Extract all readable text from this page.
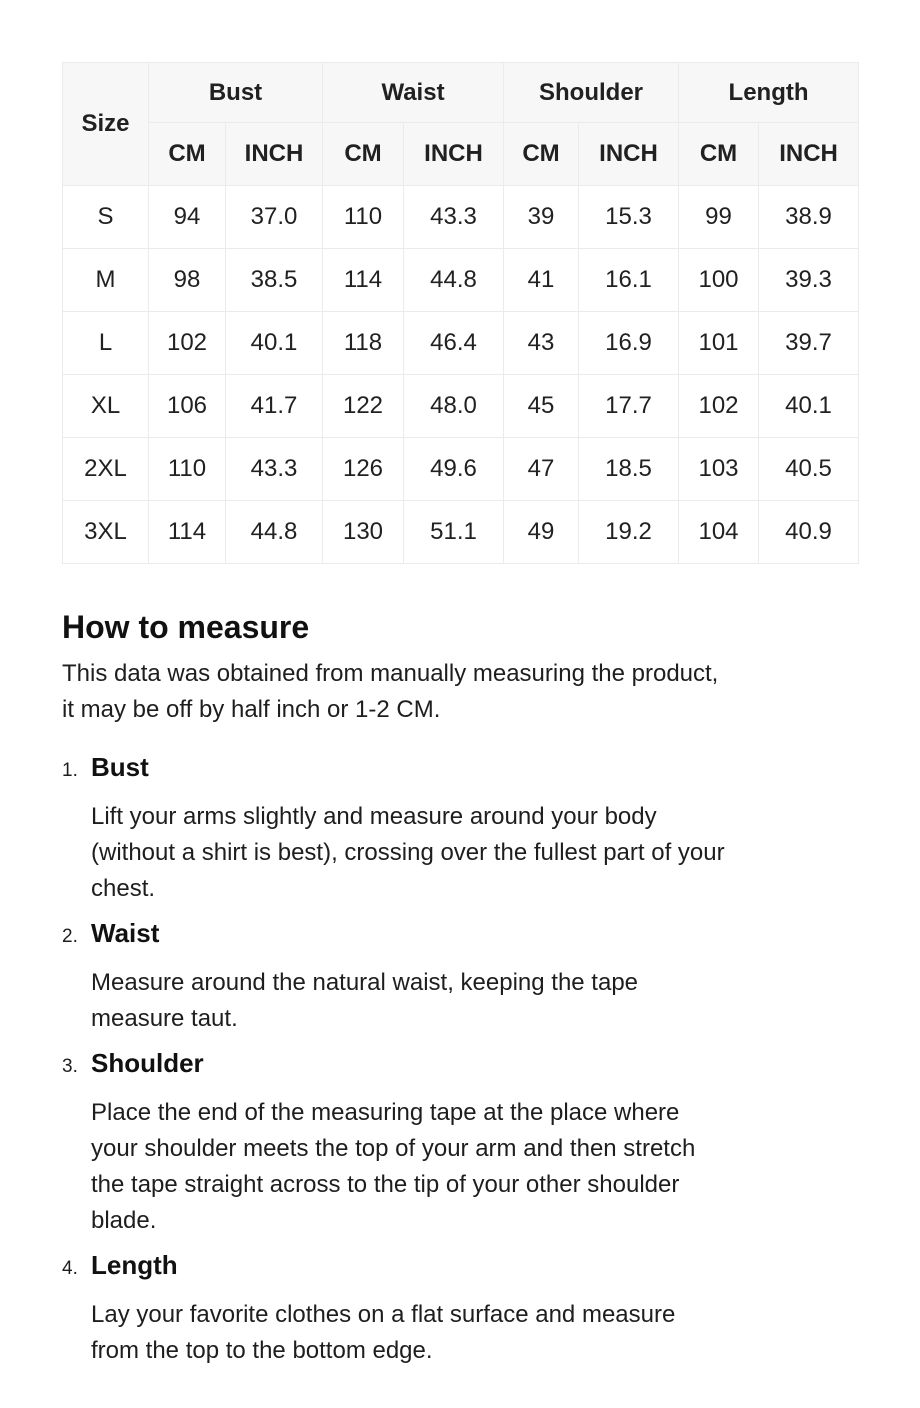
Size	Bust		Waist		Shoulder		Length	
	CM	INCH	CM	INCH	CM	INCH	CM	INCH
S	94	37.0	110	43.3	39	15.3	99	38.9
M	98	38.5	114	44.8	41	16.1	100	39.3
L	102	40.1	118	46.4	43	16.9	101	39.7
XL	106	41.7	122	48.0	45	17.7	102	40.1
2XL	110	43.3	126	49.6	47	18.5	103	40.5
3XL	114	44.8	130	51.1	49	19.2	104	40.9
How to measure

This data was obtained from manually measuring the product,
it may be off by half inch or 1-2 CM.

1. Bust
Lift your arms slightly and measure around your body
(without a shirt is best), crossing over the fullest part of your
chest.
2. Waist
Measure around the natural waist, keeping the tape
measure taut.
3. Shoulder
Place the end of the measuring tape at the place where
your shoulder meets the top of your arm and then stretch
the tape straight across to the tip of your other shoulder
blade.
4. Length
Lay your favorite clothes on a flat surface and measure
from the top to the bottom edge.
